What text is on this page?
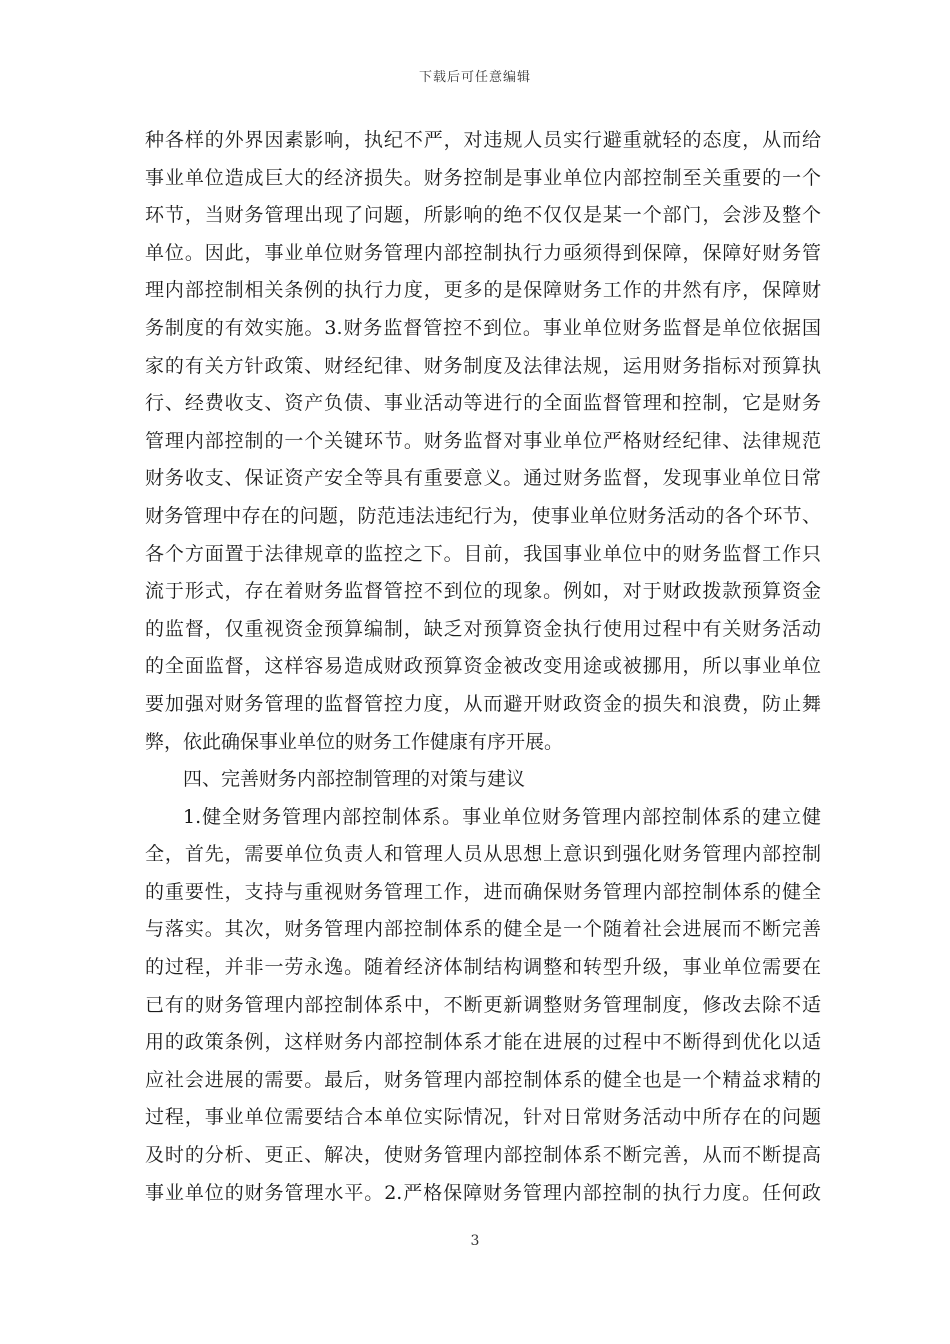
下载后可任意编辑
种各样的外界因素影响，执纪不严，对违规人员实行避重就轻的态度，从而给
事业单位造成巨大的经济损失。财务控制是事业单位内部控制至关重要的一个
环节，当财务管理出现了问题，所影响的绝不仅仅是某一个部门，会涉及整个
单位。因此，事业单位财务管理内部控制执行力亟须得到保障，保障好财务管
理内部控制相关条例的执行力度，更多的是保障财务工作的井然有序，保障财
务制度的有效实施。3.财务监督管控不到位。事业单位财务监督是单位依据国
家的有关方针政策、财经纪律、财务制度及法律法规，运用财务指标对预算执
行、经费收支、资产负债、事业活动等进行的全面监督管理和控制，它是财务
管理内部控制的一个关键环节。财务监督对事业单位严格财经纪律、法律规范
财务收支、保证资产安全等具有重要意义。通过财务监督，发现事业单位日常
财务管理中存在的问题，防范违法违纪行为，使事业单位财务活动的各个环节、
各个方面置于法律规章的监控之下。目前，我国事业单位中的财务监督工作只
流于形式，存在着财务监督管控不到位的现象。例如，对于财政拨款预算资金
的监督，仅重视资金预算编制，缺乏对预算资金执行使用过程中有关财务活动
的全面监督，这样容易造成财政预算资金被改变用途或被挪用，所以事业单位
要加强对财务管理的监督管控力度，从而避开财政资金的损失和浪费，防止舞
弊，依此确保事业单位的财务工作健康有序开展。
四、完善财务内部控制管理的对策与建议
1.健全财务管理内部控制体系。事业单位财务管理内部控制体系的建立健
全，首先，需要单位负责人和管理人员从思想上意识到强化财务管理内部控制
的重要性，支持与重视财务管理工作，进而确保财务管理内部控制体系的健全
与落实。其次，财务管理内部控制体系的健全是一个随着社会进展而不断完善
的过程，并非一劳永逸。随着经济体制结构调整和转型升级，事业单位需要在
已有的财务管理内部控制体系中，不断更新调整财务管理制度，修改去除不适
用的政策条例，这样财务内部控制体系才能在进展的过程中不断得到优化以适
应社会进展的需要。最后，财务管理内部控制体系的健全也是一个精益求精的
过程，事业单位需要结合本单位实际情况，针对日常财务活动中所存在的问题
及时的分析、更正、解决，使财务管理内部控制体系不断完善，从而不断提高
事业单位的财务管理水平。2.严格保障财务管理内部控制的执行力度。任何政
3
